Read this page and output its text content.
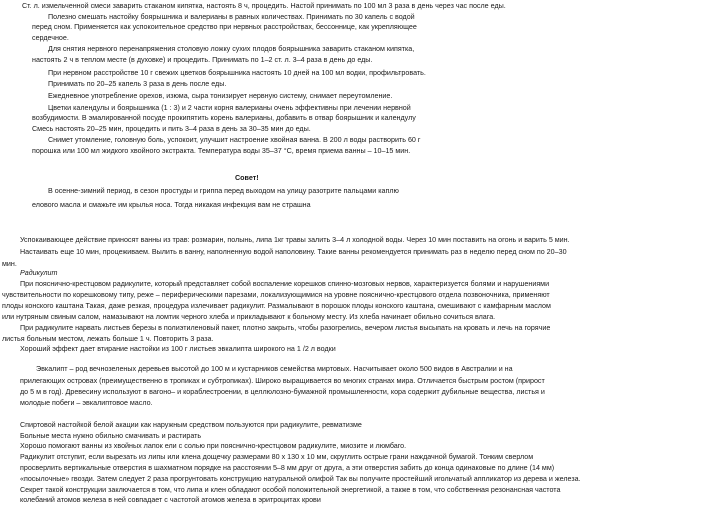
Ст. л. измельченной смеси заварить стаканом кипятка, настоять 8 ч, процедить. Настой принимать по 100 мл 3 раза в день через час после еды.
Полезно смешать настойку боярышника и валерианы в равных количествах. Принимать по 30 капель с водой
перед сном. Применяется как успокоительное средство при нервных расстройствах, бессоннице, как укрепляющее
сердечное.
Для снятия нервного перенапряжения столовую ложку сухих плодов боярышника заварить стаканом кипятка,
настоять 2 ч в теплом месте (в духовке) и процедить. Принимать по 1–2 ст. л. 3–4 раза в день до еды.
При нервном расстройстве 10 г свежих цветков боярышника настоять 10 дней на 100 мл водки, профильтровать.
Принимать по 20–25 капель 3 раза в день после еды.
Ежедневное употребление орехов, изюма, сыра тонизирует нервную систему, снимает переутомление.
Цветки календулы и боярышника (1 : 3) и 2 части корня валерианы очень эффективны при лечении нервной
возбудимости. В эмалированной посуде прокипятить корень валерианы, добавить в отвар боярышник и календулу
Смесь настоять 20–25 мин, процедить и пить 3–4 раза в день за 30–35 мин до еды.
Снимет утомление, головную боль, успокоит, улучшит настроение хвойная ванна. В 200 л воды растворить 60 г
порошка или 100 мл жидкого хвойного экстракта. Температура воды 35–37 °С, время приема ванны – 10–15 мин.
Совет!
В осенне-зимний период, в сезон простуды и гриппа перед выходом на улицу разотрите пальцами каплю
елового масла и смажьте им крылья носа. Тогда никакая инфекция вам не страшна
Успокаивающее действие приносят ванны из трав: розмарин, полынь, липа 1кг травы залить 3–4 л холодной воды. Через 10 мин поставить на огонь и варить 5 мин.
Настаивать еще 10 мин, процеживаем. Вылить в ванну, наполненную водой наполовину. Такие ванны рекомендуется принимать раз в неделю перед сном по 20–30
мин.
Радикулит
При пояснично-крестцовом радикулите, который представляет собой воспаление корешков спинно-мозговых нервов, характеризуется болями и нарушениями
чувствительности по корешковому типу, реже – периферическими парезами, локализующимися на уровне пояснично-крестцового отдела позвоночника, применяют
плоды конского каштана Такая, даже резкая, процедура излечивает радикулит. Размалывают в порошок плоды конского каштана, смешивают с камфарным маслом
или нутряным свиным салом, намазывают на ломтик черного хлеба и прикладывают к больному месту. Из хлеба начинает обильно сочиться влага.
При радикулите нарвать листьев березы в полиэтиленовый пакет, плотно закрыть, чтобы разогрелись, вечером листья высыпать на кровать и лечь на горячие
листья больным местом, лежать больше 1 ч. Повторить 3 раза.
Хороший эффект дает втирание настойки из 100 г листьев эвкалипта широкого на 1 /2 л водки
Эвкалипт – род вечнозеленых деревьев высотой до 100 м и кустарников семейства миртовых. Насчитывает около 500 видов в Австралии и на
прилегающих островах (преимущественно в тропиках и субтропиках). Широко выращивается во многих странах мира. Отличается быстрым ростом (прирост
до 5 м в год). Древесину используют в вагоно– и кораблестроении, в целлюлозно-бумажной промышленности, кора содержит дубильные вещества, листья и
молодые побеги – эвкалиптовое масло.
Спиртовой настойкой белой акации как наружным средством пользуются при радикулите, ревматизме
Больные места нужно обильно смачивать и растирать
Хорошо помогают ванны из хвойных лапок ели с солью при пояснично-крестцовом радикулите, миозите и люмбаго.
Радикулит отступит, если вырезать из липы или клена дощечку размерами 80 х 130 х 10 мм, скруглить острые грани наждачной бумагой. Тонким сверлом
просверлить вертикальные отверстия в шахматном порядке на расстоянии 5–8 мм друг от друга, а эти отверстия забить до конца одинаковые по длине (14 мм)
«посылочные» гвозди. Затем следует 2 раза прогрунтовать конструкцию натуральной олифой Так вы получите простейший игольчатый аппликатор из дерева и железа.
Секрет такой конструкции заключается в том, что липа и клен обладают особой положительной энергетикой, а также в том, что собственная резонансная частота
колебаний атомов железа в ней совпадает с частотой атомов железа в эритроцитах крови
